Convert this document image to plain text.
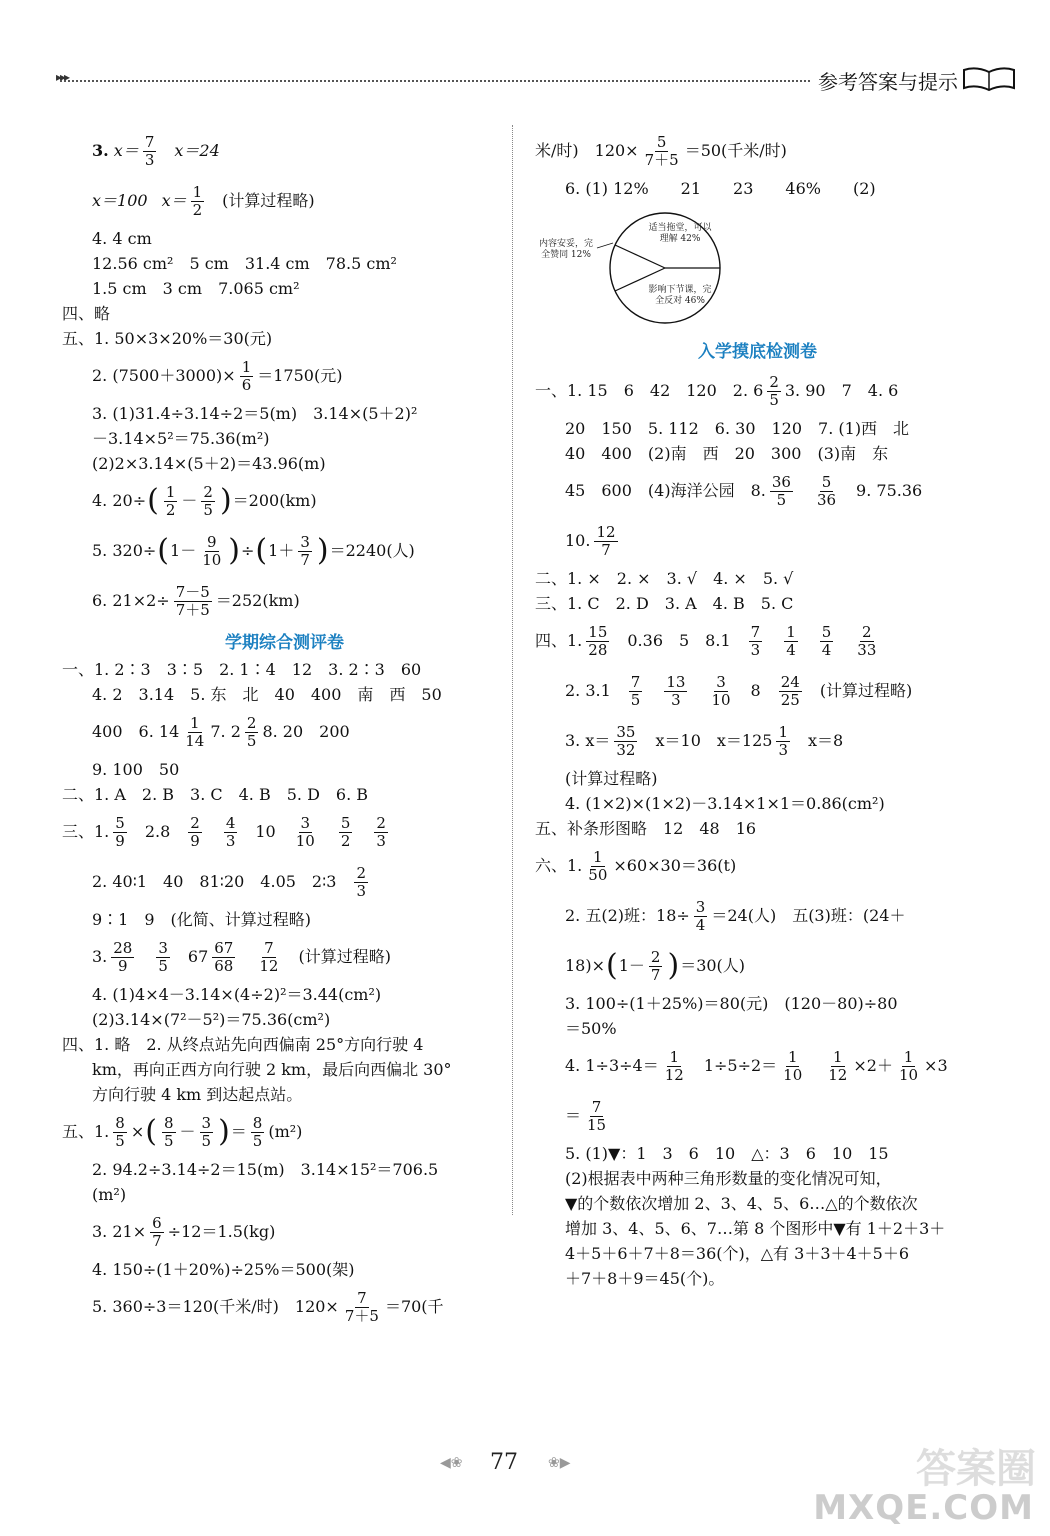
▸▸▸	参考答案与提示
3.
$x= \frac{7}{3} x=24$
x＝100 $x= \frac{1}{2}$ (计算过程略)
4. 4 cm
12.56 cm²　5 cm　31.4 cm　78.5 cm²
1.5 cm　3 cm　7.065 cm²
四、略
五、1. 50×3×20%＝30(元)
2. $(7500+3000)\times \frac{1}{6} =1750$(元)
3. (1)31.4÷3.14÷2＝5(m)　3.14×(5＋2)²
－3.14×5²＝75.36(m²)
(2)2×3.14×(5＋2)＝43.96(m)
4. 20÷ ( $\frac{1}{2} - \frac{2}{5}$ ) ＝200(km)
5. 320÷ ( $1- \frac{9}{10}$ ) ÷ ( $1+ \frac{3}{7}$ ) ＝2240(人)
6. $21\times 2\div \frac{7-5}{7+5} =252(km)$
学期综合测评卷
一、1. 2∶3　3∶5　2. 1∶4　12　3. 2∶3　60
4. 2　3.14　5. 东　北　40　400　南　西　50
400　6. $14 \frac{1}{14} 7$. $2 \frac{2}{5} 8$. 20　200
9. 100　50
二、1. A　2. B　3. C　4. B　5. D　6. B
三、1. $\frac{5}{9} 2.8 \frac{2}{9} \frac{4}{3} 10 \frac{3}{10} \frac{5}{2} \frac{2}{3}$
2. 40∶1　40　81∶20　4.05　2∶3 $\frac{2}{3}$
9∶1　9　(化简、计算过程略)
3. $\frac{28}{9} \frac{3}{5} 67 \frac{67}{68} \frac{7}{12}$ (计算过程略)
4. (1)4×4－3.14×(4÷2)²＝3.44(cm²)
(2)3.14×(7²－5²)＝75.36(cm²)
四、1. 略　2. 从终点站先向西偏南 25°方向行驶 4
km，再向正西方向行驶 2 km，最后向西偏北 30°
方向行驶 4 km 到达起点站。
五、1. $\frac{8}{5}$ × ( $\frac{8}{5} - \frac{3}{5}$ ) ＝ $\frac{8}{5} (m^2)$
2. 94.2÷3.14÷2＝15(m)　3.14×15²＝706.5
(m²)
3. $21\times \frac{6}{7} \div 12=1.5(kg)$
4. 150÷(1＋20%)÷25%＝500(架)
5. 360÷3＝120(千米/时)　$120\times \frac{7}{7+5} =70$(千
米/时)　$120\times \frac{5}{7+5} =50$(千米/时)
6. (1) 12%　　21　　23　　46%　　(2)
适当拖堂，可以理解 42%
内容安妥，完全赞同 12%
影响下节课，完全反对 46%
入学摸底检测卷
一、1. 15　6　42　120　2. $6 \frac{2}{5} 3$. 90　7　4. 6
20　150　5. 112　6. 30　120　7. (1)西　北
40　400　(2)南　西　20　300　(3)南　东
45　600　(4)海洋公园　8. $\frac{36}{5} \frac{5}{36} 9$. 75.36
10. $\frac{12}{7}$
二、1. ×　2. ×　3. √　4. ×　5. √
三、1. C　2. D　3. A　4. B　5. C
四、1. $\frac{15}{28} 0.36$　5　$8.1 \frac{7}{3} \frac{1}{4} \frac{5}{4} \frac{2}{33}$
2. $3.1 \frac{7}{5} \frac{13}{3} \frac{3}{10} 8 \frac{24}{25}$ (计算过程略)
3. $x= \frac{35}{32} x=10$　$x=125 \frac{1}{3} x=8$
(计算过程略)
4. (1×2)×(1×2)－3.14×1×1＝0.86(cm²)
五、补条形图略　12　48　16
六、1. $\frac{1}{50} \times 60\times 30=36(t)$
2. 五(2)班：$18\div \frac{3}{4} =24$(人)　五(3)班：(24＋
18)× ( $1- \frac{2}{7}$ ) ＝30(人)
3. 100÷(1＋25%)＝80(元)　(120－80)÷80
＝50%
4. $1\div 3\div 4= \frac{1}{12} 1\div 5\div 2= \frac{1}{10} \frac{1}{12} \times 2+ \frac{1}{10} \times 3$
＝ $\frac{7}{15}$
5. (1)▼：1　3　6　10　△：3　6　10　15
(2)根据表中两种三角形数量的变化情况可知，
▼的个数依次增加 2、3、4、5、6…△的个数依次
增加 3、4、5、6、7…第 8 个图形中▼有 1＋2＋3＋
4＋5＋6＋7＋8＝36(个)，△有 3＋3＋4＋5＋6
＋7＋8＋9＝45(个)。
◀❀ 77 ❀▶	答案圈
MXQE.COM
